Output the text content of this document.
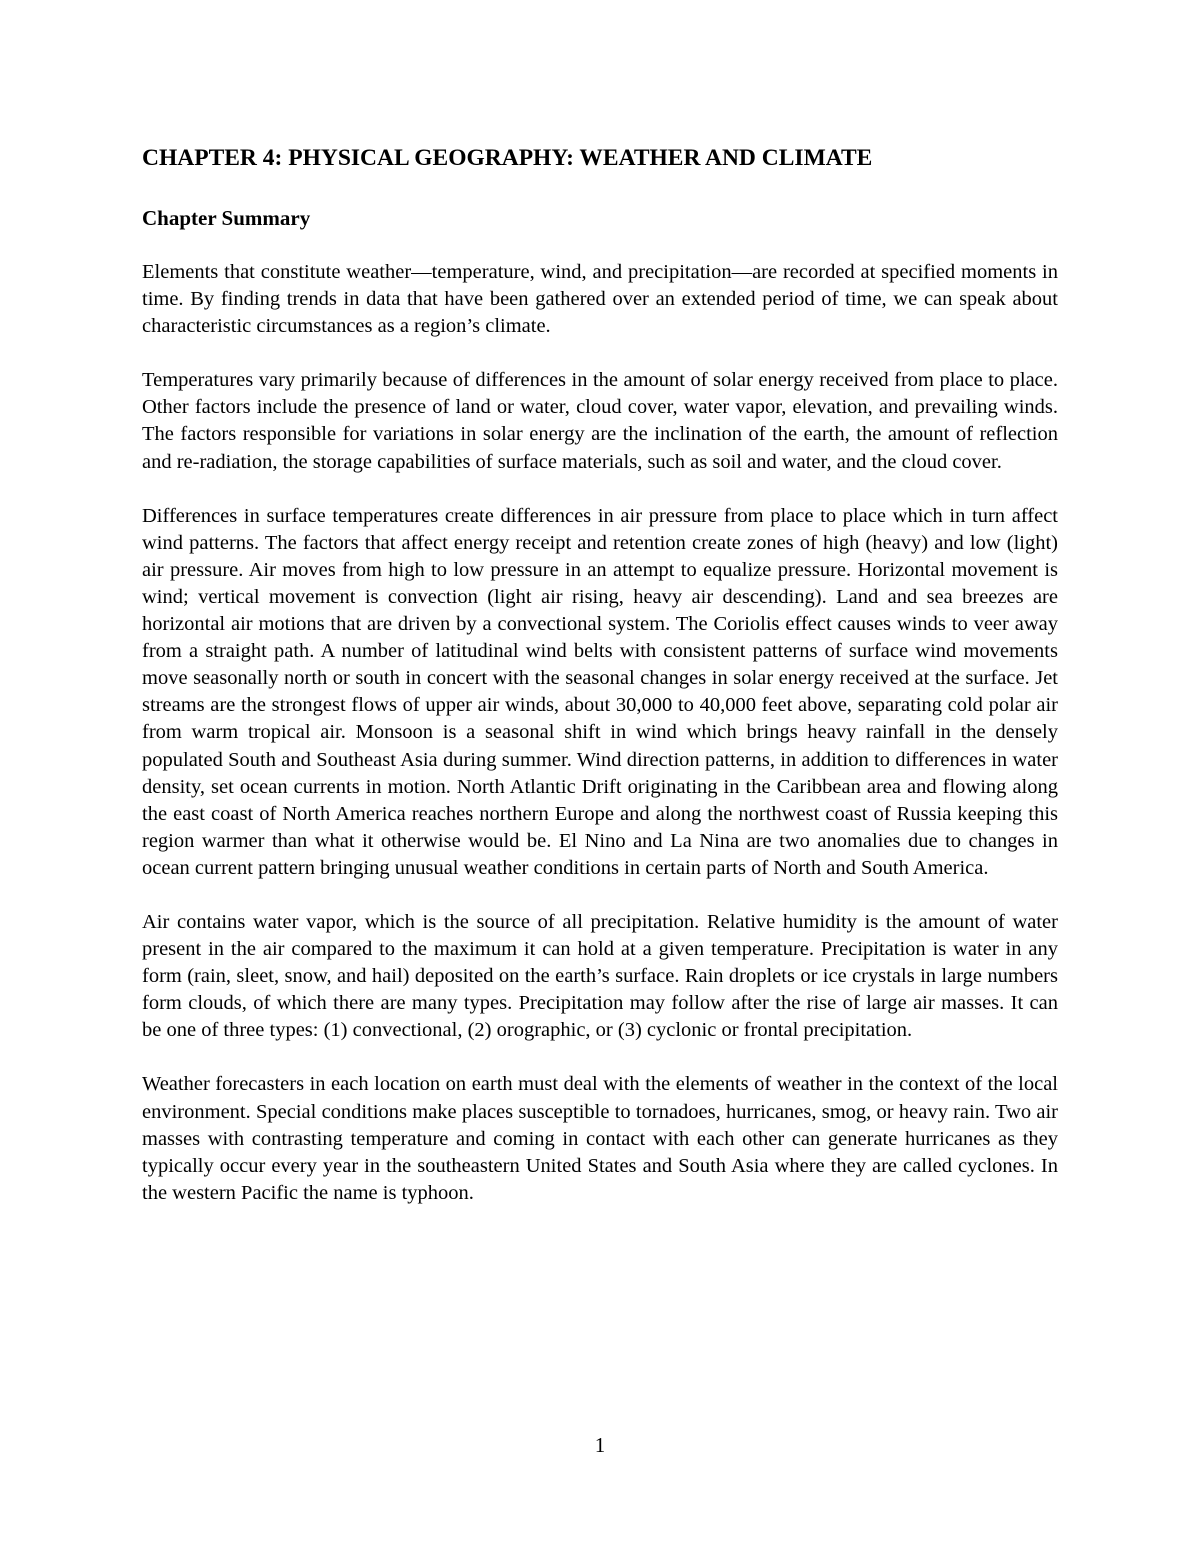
CHAPTER 4: PHYSICAL GEOGRAPHY: WEATHER AND CLIMATE
Chapter Summary

Elements that constitute weather—temperature, wind, and precipitation—are recorded at specified moments in time. By finding trends in data that have been gathered over an extended period of time, we can speak about characteristic circumstances as a region’s climate.

Temperatures vary primarily because of differences in the amount of solar energy received from place to place. Other factors include the presence of land or water, cloud cover, water vapor, elevation, and prevailing winds. The factors responsible for variations in solar energy are the inclination of the earth, the amount of reflection and re-radiation, the storage capabilities of surface materials, such as soil and water, and the cloud cover.

Differences in surface temperatures create differences in air pressure from place to place which in turn affect wind patterns. The factors that affect energy receipt and retention create zones of high (heavy) and low (light) air pressure. Air moves from high to low pressure in an attempt to equalize pressure. Horizontal movement is wind; vertical movement is convection (light air rising, heavy air descending). Land and sea breezes are horizontal air motions that are driven by a convectional system. The Coriolis effect causes winds to veer away from a straight path. A number of latitudinal wind belts with consistent patterns of surface wind movements move seasonally north or south in concert with the seasonal changes in solar energy received at the surface. Jet streams are the strongest flows of upper air winds, about 30,000 to 40,000 feet above, separating cold polar air from warm tropical air. Monsoon is a seasonal shift in wind which brings heavy rainfall in the densely populated South and Southeast Asia during summer. Wind direction patterns, in addition to differences in water density, set ocean currents in motion. North Atlantic Drift originating in the Caribbean area and flowing along the east coast of North America reaches northern Europe and along the northwest coast of Russia keeping this region warmer than what it otherwise would be. El Nino and La Nina are two anomalies due to changes in ocean current pattern bringing unusual weather conditions in certain parts of North and South America.

Air contains water vapor, which is the source of all precipitation. Relative humidity is the amount of water present in the air compared to the maximum it can hold at a given temperature. Precipitation is water in any form (rain, sleet, snow, and hail) deposited on the earth’s surface. Rain droplets or ice crystals in large numbers form clouds, of which there are many types. Precipitation may follow after the rise of large air masses. It can be one of three types: (1) convectional, (2) orographic, or (3) cyclonic or frontal precipitation.

Weather forecasters in each location on earth must deal with the elements of weather in the context of the local environment. Special conditions make places susceptible to tornadoes, hurricanes, smog, or heavy rain. Two air masses with contrasting temperature and coming in contact with each other can generate hurricanes as they typically occur every year in the southeastern United States and South Asia where they are called cyclones. In the western Pacific the name is typhoon.

1
